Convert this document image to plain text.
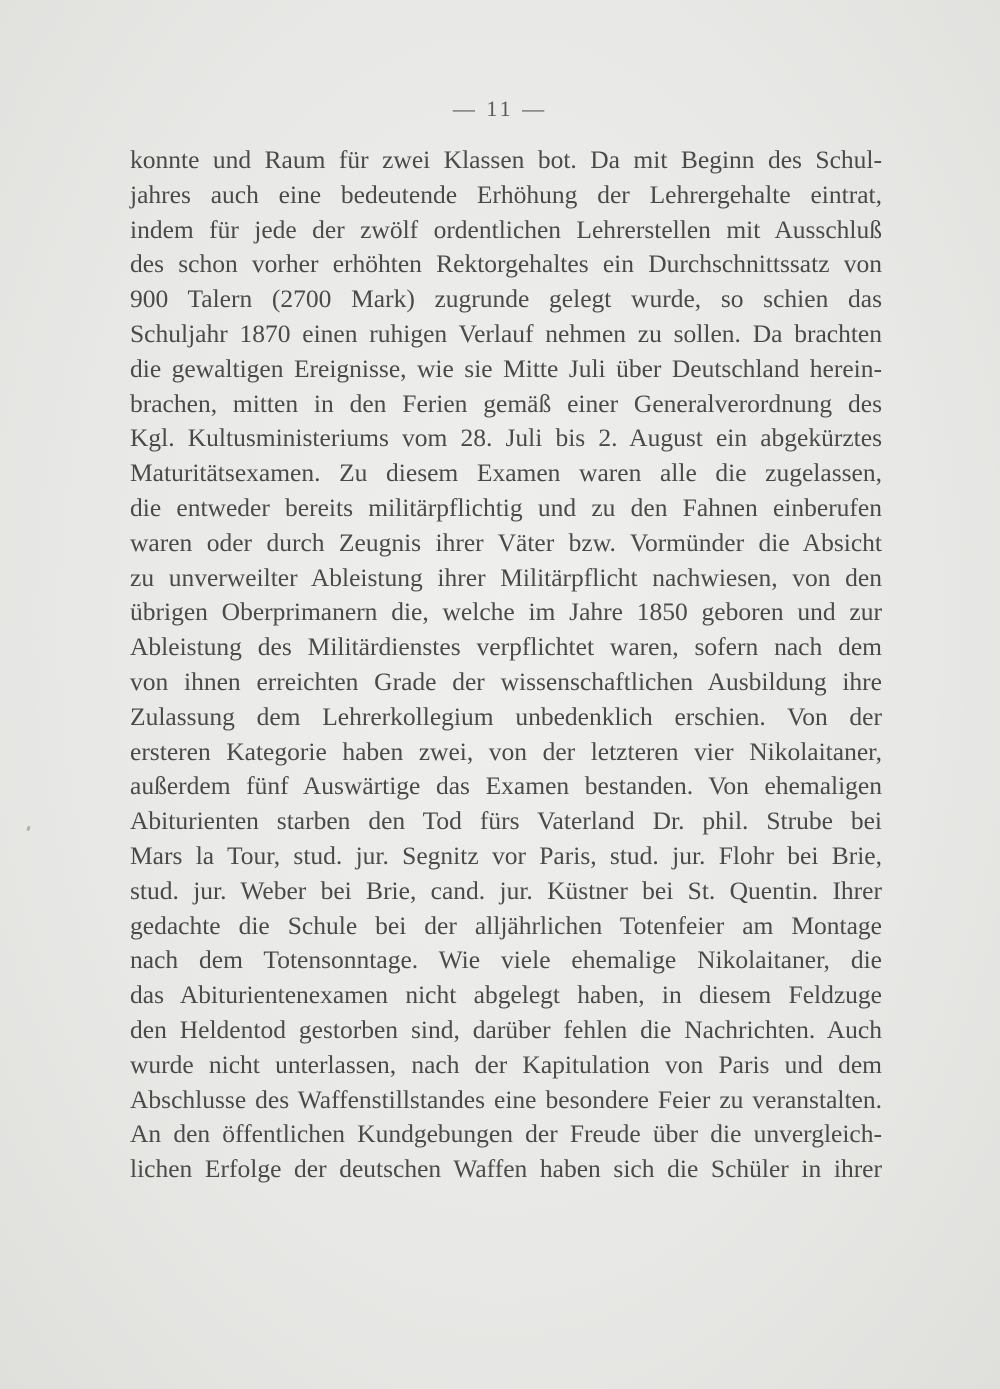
— 11 —
konnte und Raum für zwei Klassen bot. Da mit Beginn des Schul-
jahres auch eine bedeutende Erhöhung der Lehrergehalte eintrat,
indem für jede der zwölf ordentlichen Lehrerstellen mit Ausschluß
des schon vorher erhöhten Rektorgehaltes ein Durchschnittssatz von
900 Talern (2700 Mark) zugrunde gelegt wurde, so schien das
Schuljahr 1870 einen ruhigen Verlauf nehmen zu sollen. Da brachten
die gewaltigen Ereignisse, wie sie Mitte Juli über Deutschland herein-
brachen, mitten in den Ferien gemäß einer Generalverordnung des
Kgl. Kultusministeriums vom 28. Juli bis 2. August ein abgekürztes
Maturitätsexamen. Zu diesem Examen waren alle die zugelassen,
die entweder bereits militärpflichtig und zu den Fahnen einberufen
waren oder durch Zeugnis ihrer Väter bzw. Vormünder die Absicht
zu unverweilter Ableistung ihrer Militärpflicht nachwiesen, von den
übrigen Oberprimanern die, welche im Jahre 1850 geboren und zur
Ableistung des Militärdienstes verpflichtet waren, sofern nach dem
von ihnen erreichten Grade der wissenschaftlichen Ausbildung ihre
Zulassung dem Lehrerkollegium unbedenklich erschien. Von der
ersteren Kategorie haben zwei, von der letzteren vier Nikolaitaner,
außerdem fünf Auswärtige das Examen bestanden. Von ehemaligen
Abiturienten starben den Tod fürs Vaterland Dr. phil. Strube bei
Mars la Tour, stud. jur. Segnitz vor Paris, stud. jur. Flohr bei Brie,
stud. jur. Weber bei Brie, cand. jur. Küstner bei St. Quentin. Ihrer
gedachte die Schule bei der alljährlichen Totenfeier am Montage
nach dem Totensonntage. Wie viele ehemalige Nikolaitaner, die
das Abiturientenexamen nicht abgelegt haben, in diesem Feldzuge
den Heldentod gestorben sind, darüber fehlen die Nachrichten. Auch
wurde nicht unterlassen, nach der Kapitulation von Paris und dem
Abschlusse des Waffenstillstandes eine besondere Feier zu veranstalten.
An den öffentlichen Kundgebungen der Freude über die unvergleich-
lichen Erfolge der deutschen Waffen haben sich die Schüler in ihrer
